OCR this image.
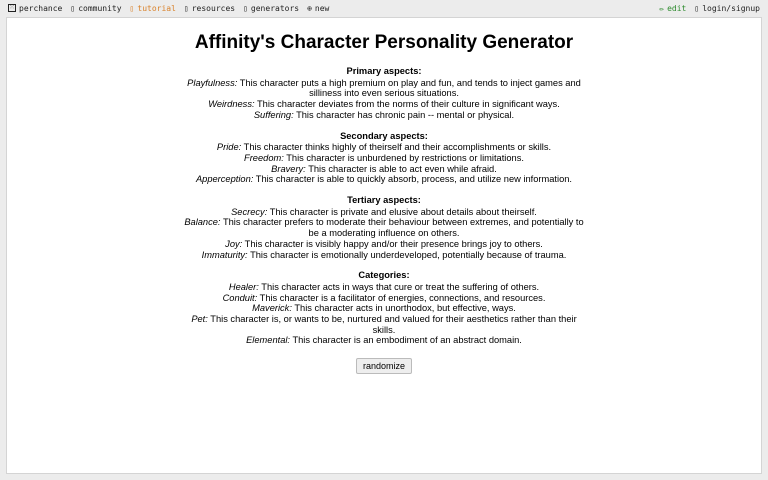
⁙ perchance ▯ community ▯ tutorial ▯ resources ▯ generators ⊕ new	✏ edit ▯ login/signup
Affinity's Character Personality Generator
Primary aspects:

Playfulness: This character puts a high premium on play and fun, and tends to inject games and silliness into even serious situations.

Weirdness: This character deviates from the norms of their culture in significant ways.

Suffering: This character has chronic pain -- mental or physical.

Secondary aspects:

Pride: This character thinks highly of theirself and their accomplishments or skills.

Freedom: This character is unburdened by restrictions or limitations.

Bravery: This character is able to act even while afraid.

Apperception: This character is able to quickly absorb, process, and utilize new information.

Tertiary aspects:

Secrecy: This character is private and elusive about details about theirself.

Balance: This character prefers to moderate their behaviour between extremes, and potentially to be a moderating influence on others.

Joy: This character is visibly happy and/or their presence brings joy to others.

Immaturity: This character is emotionally underdeveloped, potentially because of trauma.

Categories:

Healer: This character acts in ways that cure or treat the suffering of others.

Conduit: This character is a facilitator of energies, connections, and resources.

Maverick: This character acts in unorthodox, but effective, ways.

Pet: This character is, or wants to be, nurtured and valued for their aesthetics rather than their skills.

Elemental: This character is an embodiment of an abstract domain.

randomize
